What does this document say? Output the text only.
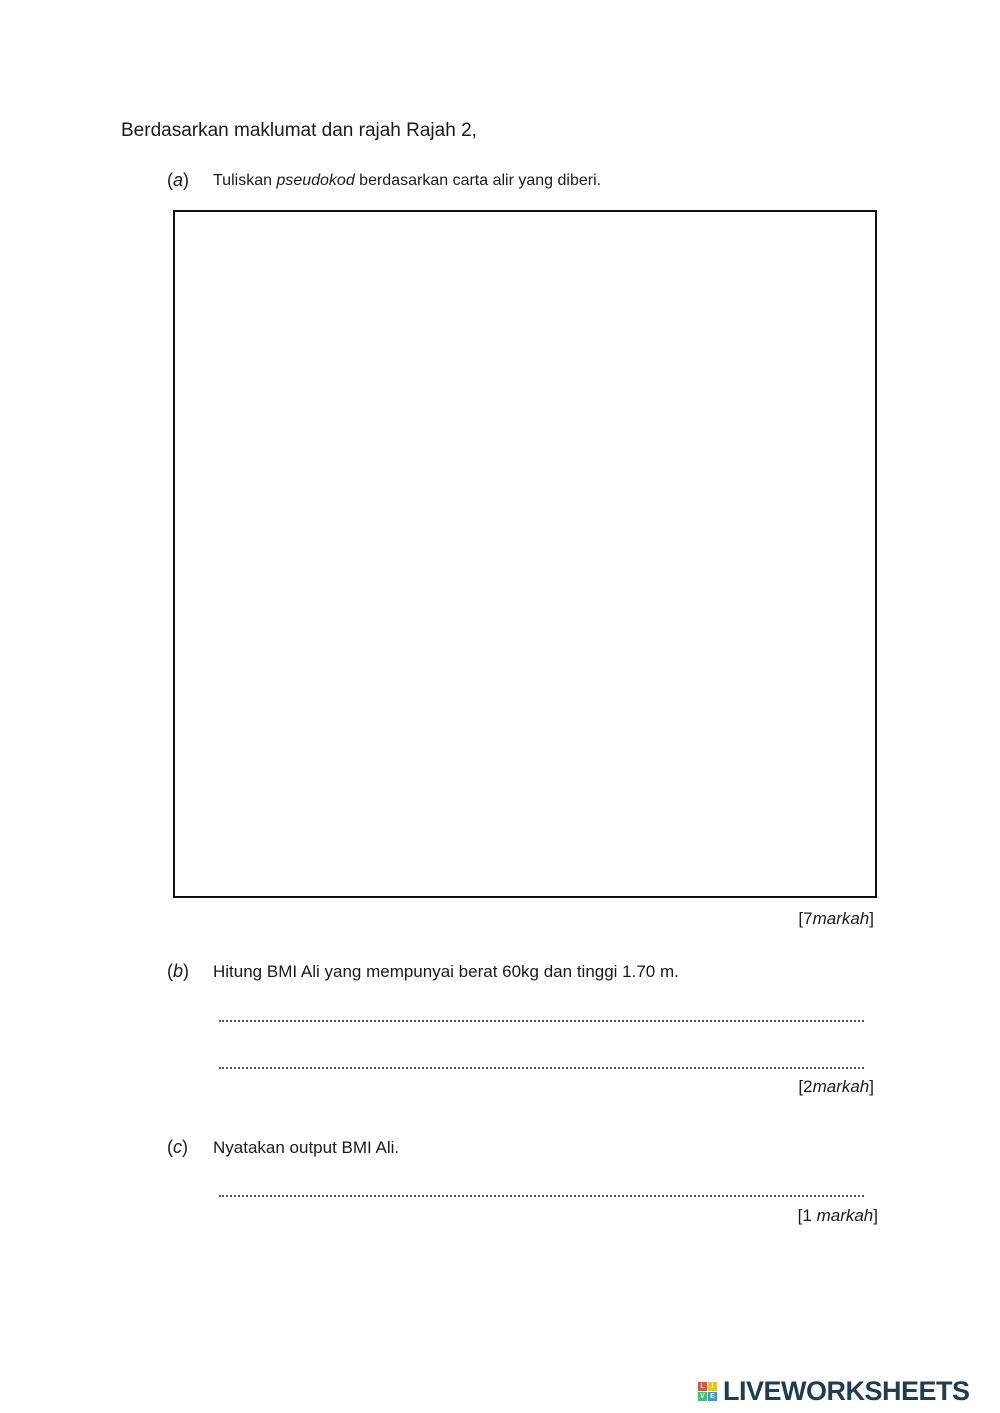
Berdasarkan maklumat dan rajah Rajah 2,
(a) Tuliskan pseudokod berdasarkan carta alir yang diberi.
[7markah]
(b) Hitung BMI Ali yang mempunyai berat 60kg dan tinggi 1.70 m.
[2markah]
(c) Nyatakan output BMI Ali.
[1 markah]
L I
V E LIVEWORKSHEETS
